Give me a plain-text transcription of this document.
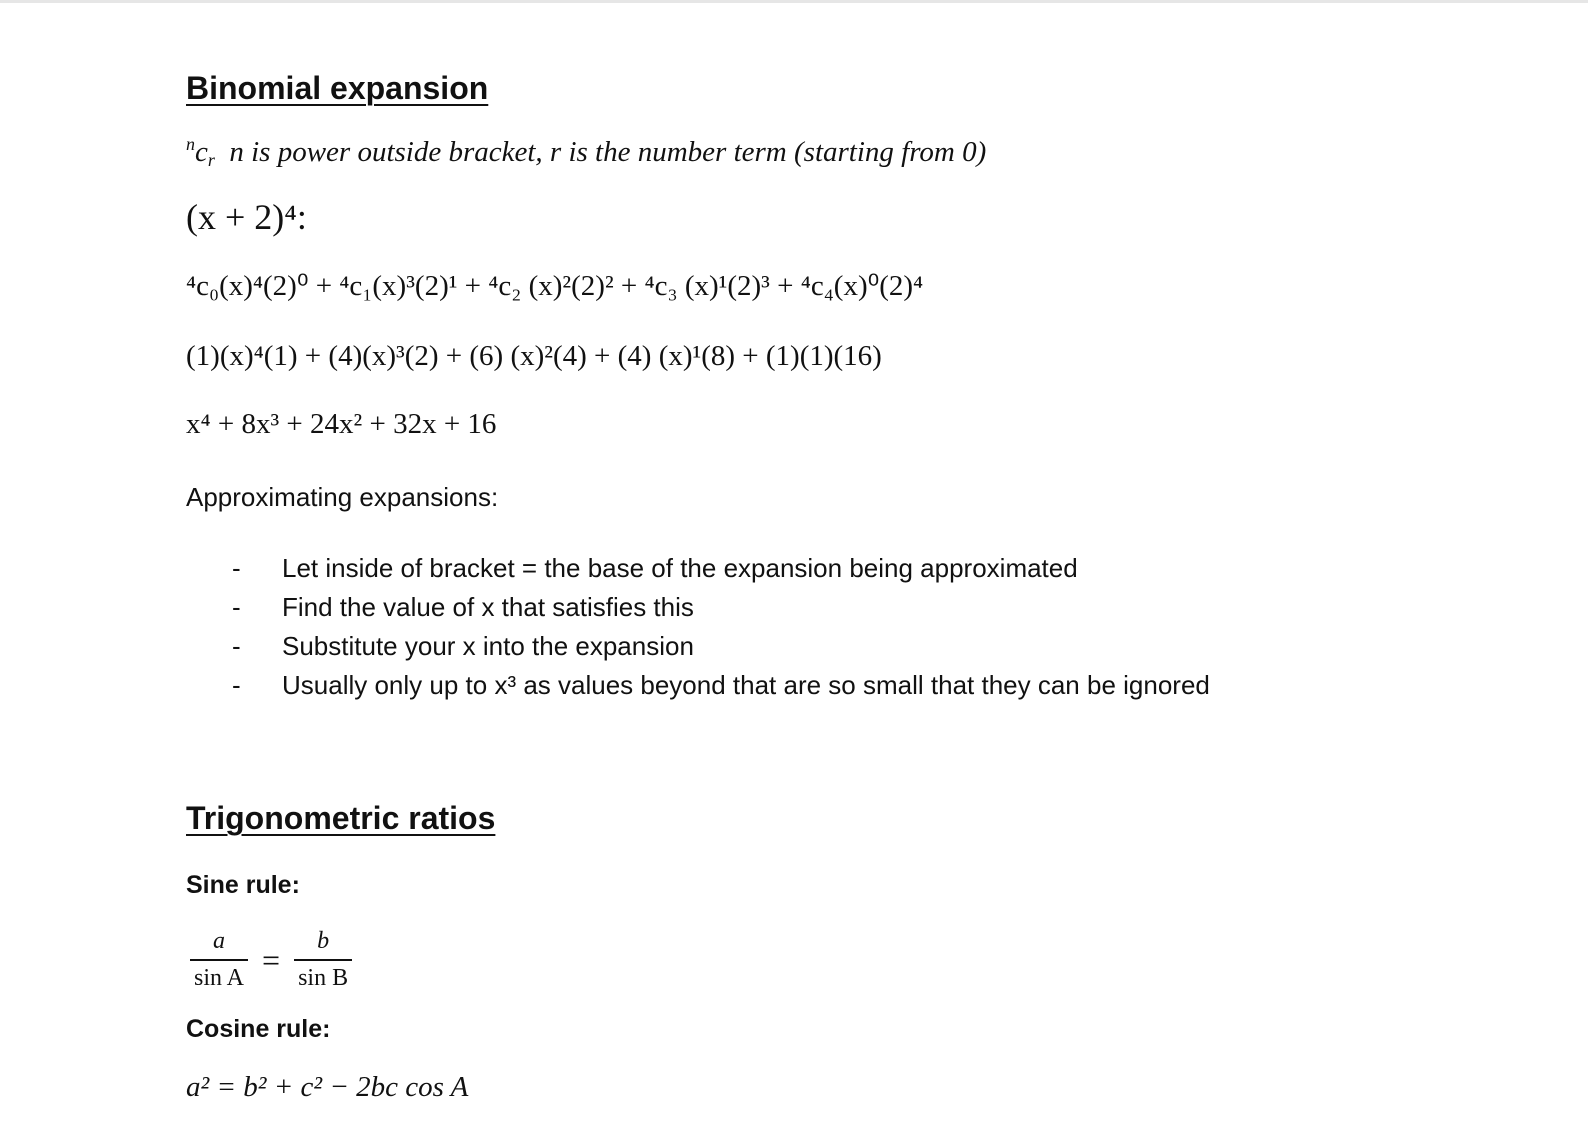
Binomial expansion
$^nc_r$ n is power outside bracket, r is the number term (starting from 0)
(x + 2)⁴:
⁴c₀(x)⁴(2)⁰ + ⁴c₁(x)³(2)¹ + ⁴c₂ (x)²(2)² + ⁴c₃ (x)¹(2)³ + ⁴c₄(x)⁰(2)⁴
(1)(x)⁴(1) + (4)(x)³(2) + (6) (x)²(4) + (4) (x)¹(8) + (1)(1)(16)
x⁴ + 8x³ + 24x² + 32x + 16
Approximating expansions:
- Let inside of bracket = the base of the expansion being approximated
- Find the value of x that satisfies this
- Substitute your x into the expansion
- Usually only up to x³ as values beyond that are so small that they can be ignored
Trigonometric ratios
Sine rule:
$\frac{a}{\text{sin A}} = \frac{b}{\text{sin B}}$
Cosine rule:
a² = b² + c² − 2bc cos A
